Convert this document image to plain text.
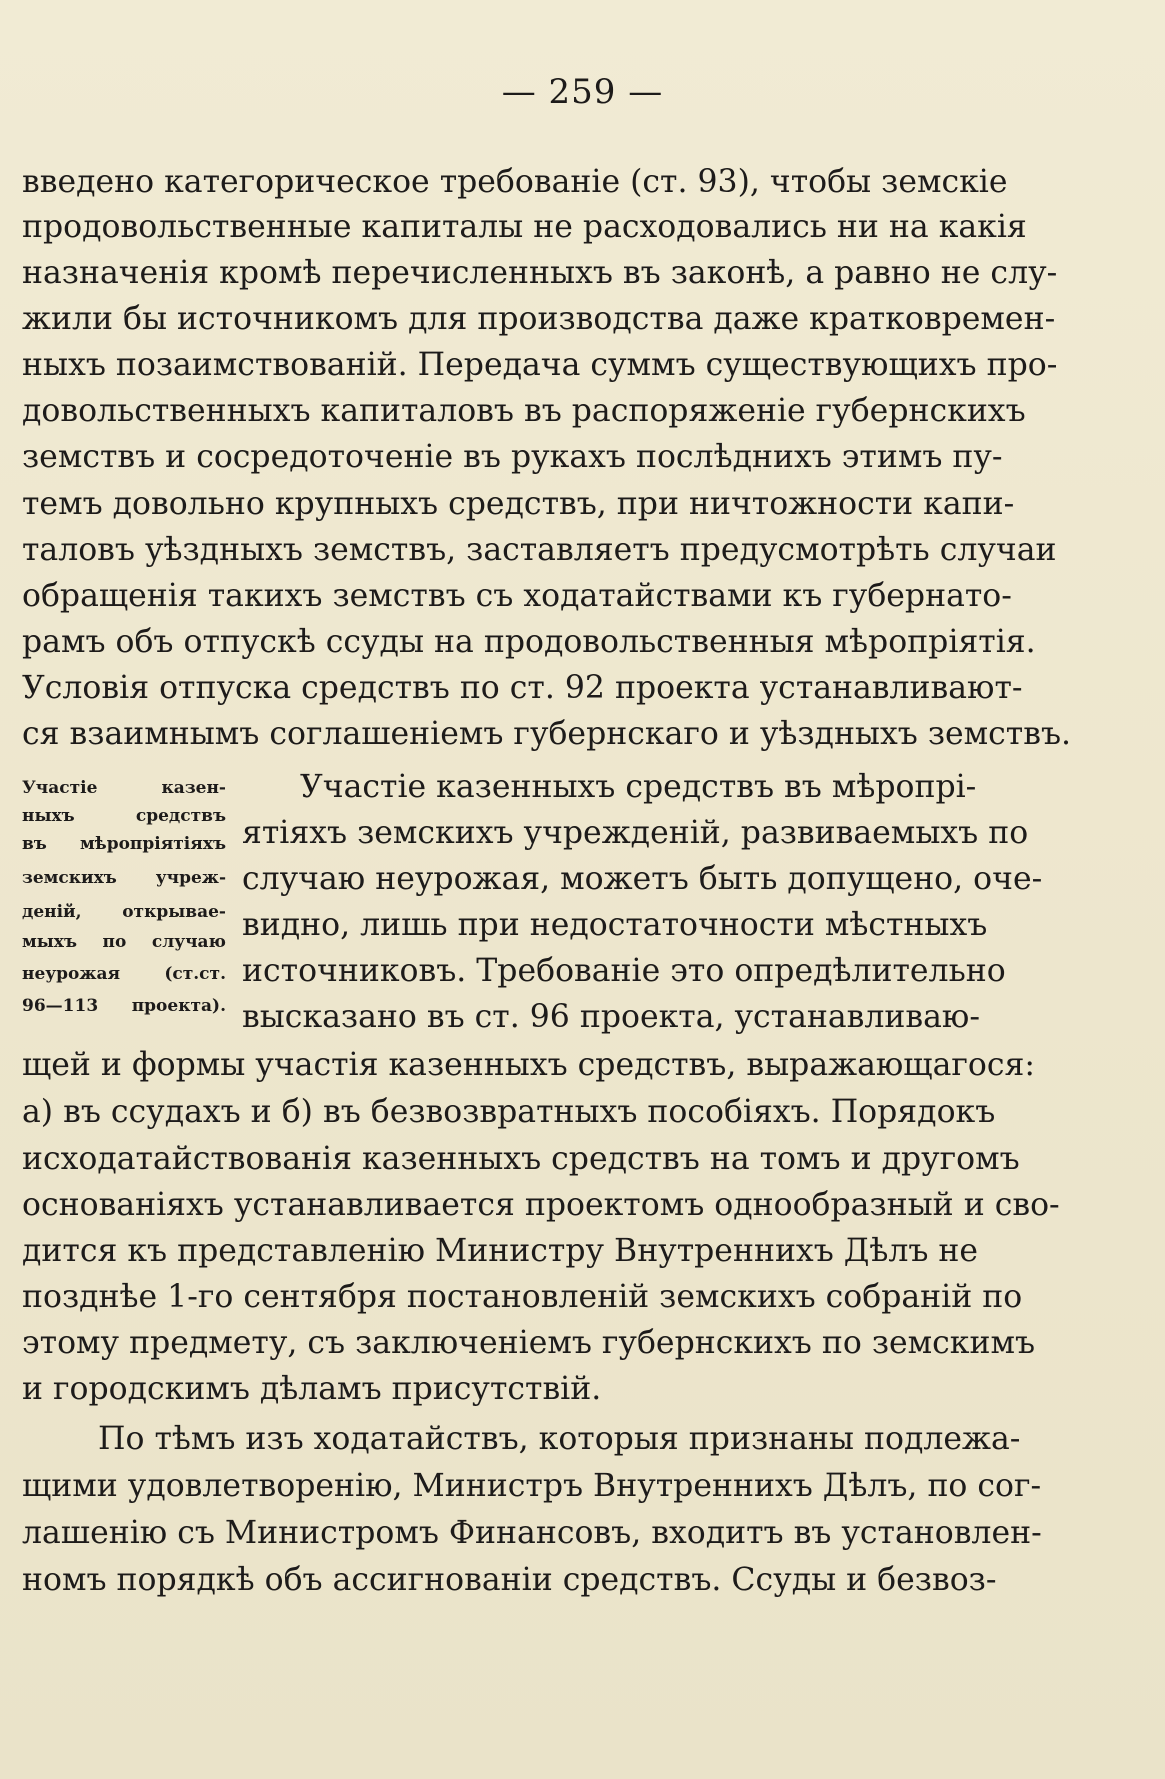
— 259 —
введено категорическое требованіе (ст. 93), чтобы земскіе
продовольственные капиталы не расходовались ни на какія
назначенія кромѣ перечисленныхъ въ законѣ, а равно не слу-
жили бы источникомъ для производства даже кратковремен-
ныхъ позаимствованій. Передача суммъ существующихъ про-
довольственныхъ капиталовъ въ распоряженіе губернскихъ
земствъ и сосредоточеніе въ рукахъ послѣднихъ этимъ пу-
темъ довольно крупныхъ средствъ, при ничтожности капи-
таловъ уѣздныхъ земствъ, заставляетъ предусмотрѣть случаи
обращенія такихъ земствъ съ ходатайствами къ губернато-
рамъ объ отпускѣ ссуды на продовольственныя мѣропріятія.
Условія отпуска средствъ по ст. 92 проекта устанавливают-
ся взаимнымъ соглашеніемъ губернскаго и уѣздныхъ земствъ.
Участіе казен-
ныхъ средствъ
въ мѣропріятіяхъ
земскихъ учреж-
деній, открывае-
мыхъ по случаю
неурожая (ст.ст.
96—113 проекта).
Участіе казенныхъ средствъ въ мѣропрі-
ятіяхъ земскихъ учрежденій, развиваемыхъ по
случаю неурожая, можетъ быть допущено, оче-
видно, лишь при недостаточности мѣстныхъ
источниковъ. Требованіе это опредѣлительно
высказано въ ст. 96 проекта, устанавливаю-
щей и формы участія казенныхъ средствъ, выражающагося:
а) въ ссудахъ и б) въ безвозвратныхъ пособіяхъ. Порядокъ
исходатайствованія казенныхъ средствъ на томъ и другомъ
основаніяхъ устанавливается проектомъ однообразный и сво-
дится къ представленію Министру Внутреннихъ Дѣлъ не
позднѣе 1-го сентября постановленій земскихъ собраній по
этому предмету, съ заключеніемъ губернскихъ по земскимъ
и городскимъ дѣламъ присутствій.
По тѣмъ изъ ходатайствъ, которыя признаны подлежа-
щими удовлетворенію, Министръ Внутреннихъ Дѣлъ, по сог-
лашенію съ Министромъ Финансовъ, входитъ въ установлен-
номъ порядкѣ объ ассигнованіи средствъ. Ссуды и безвоз-
